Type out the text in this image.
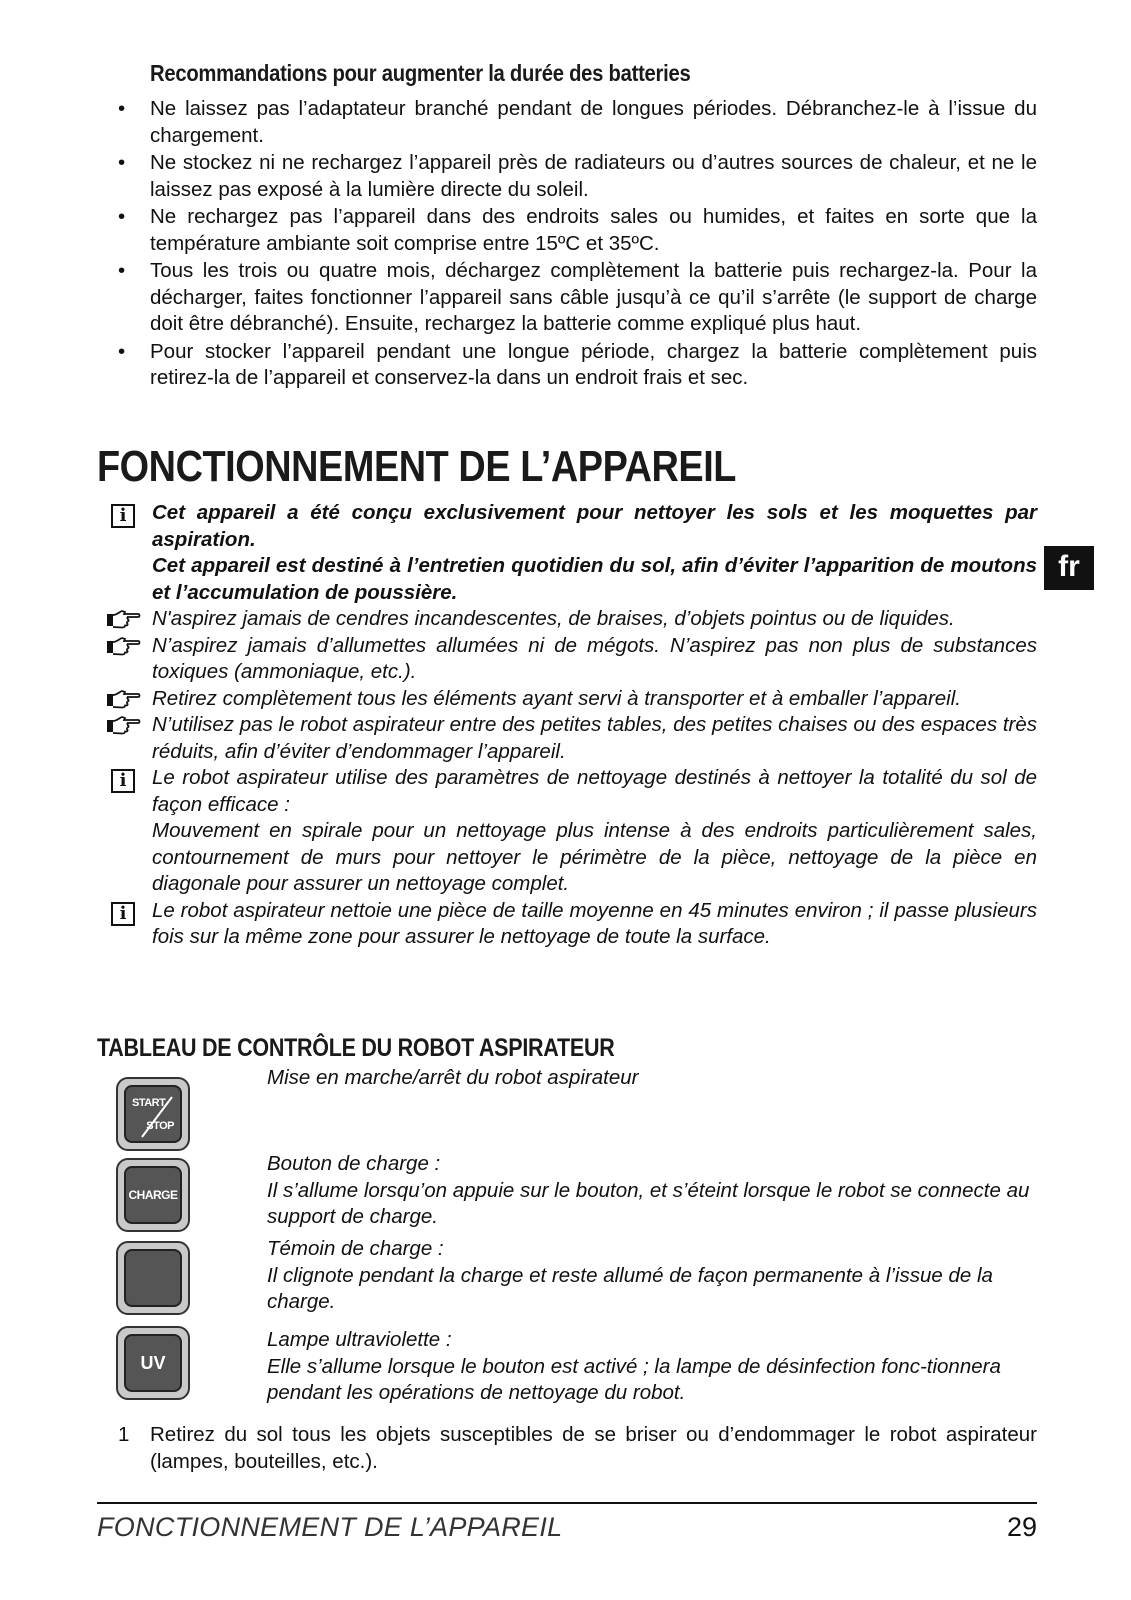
Recommandations pour augmenter la durée des batteries
• Ne laissez pas l’adaptateur branché pendant de longues périodes. Débranchez-le à l’issue du chargement.
• Ne stockez ni ne rechargez l’appareil près de radiateurs ou d’autres sources de chaleur, et ne le laissez pas exposé à la lumière directe du soleil.
• Ne rechargez pas l’appareil dans des endroits sales ou humides, et faites en sorte que la température ambiante soit comprise entre 15ºC et 35ºC.
• Tous les trois ou quatre mois, déchargez complètement la batterie puis rechargez-la. Pour la décharger, faites fonctionner l’appareil sans câble jusqu’à ce qu’il s’arrête (le support de charge doit être débranché). Ensuite, rechargez la batterie comme expliqué plus haut.
• Pour stocker l’appareil pendant une longue période, chargez la batterie complètement puis retirez-la de l’appareil et conservez-la dans un endroit frais et sec.
FONCTIONNEMENT DE L’APPAREIL
fr
i	Cet appareil a été conçu exclusivement pour nettoyer les sols et les moquettes par aspiration.

Cet appareil est destiné à l’entretien quotidien du sol, afin d’éviter l’apparition de moutons et l’accumulation de poussière.

N'aspirez jamais de cendres incandescentes, de braises, d’objets pointus ou de liquides.

N’aspirez jamais d’allumettes allumées ni de mégots. N’aspirez pas non plus de substances toxiques (ammoniaque, etc.).

Retirez complètement tous les éléments ayant servi à transporter et à emballer l’appareil.

N’utilisez pas le robot aspirateur entre des petites tables, des petites chaises ou des espaces très réduits, afin d’éviter d’endommager l’appareil.

i	Le robot aspirateur utilise des paramètres de nettoyage destinés à nettoyer la totalité du sol de façon efficace :

Mouvement en spirale pour un nettoyage plus intense à des endroits particulièrement sales, contournement de murs pour nettoyer le périmètre de la pièce, nettoyage de la pièce en diagonale pour assurer un nettoyage complet.

i	Le robot aspirateur nettoie une pièce de taille moyenne en 45 minutes environ ; il passe plusieurs fois sur la même zone pour assurer le nettoyage de toute la surface.

TABLEAU DE CONTRÔLE DU ROBOT ASPIRATEUR
START
STOP
Mise en marche/arrêt du robot aspirateur
CHARGE

Bouton de charge :

Il s’allume lorsqu’on appuie sur le bouton, et s’éteint lorsque le robot se connecte au support de charge.

Témoin de charge :

Il clignote pendant la charge et reste allumé de façon permanente à l’issue de la charge.

UV

Lampe ultraviolette :

Elle s’allume lorsque le bouton est activé ; la lampe de désinfection fonc-tionnera pendant les opérations de nettoyage du robot.

1 Retirez du sol tous les objets susceptibles de se briser ou d’endommager le robot aspirateur (lampes, bouteilles, etc.).
FONCTIONNEMENT DE L’APPAREIL	29
